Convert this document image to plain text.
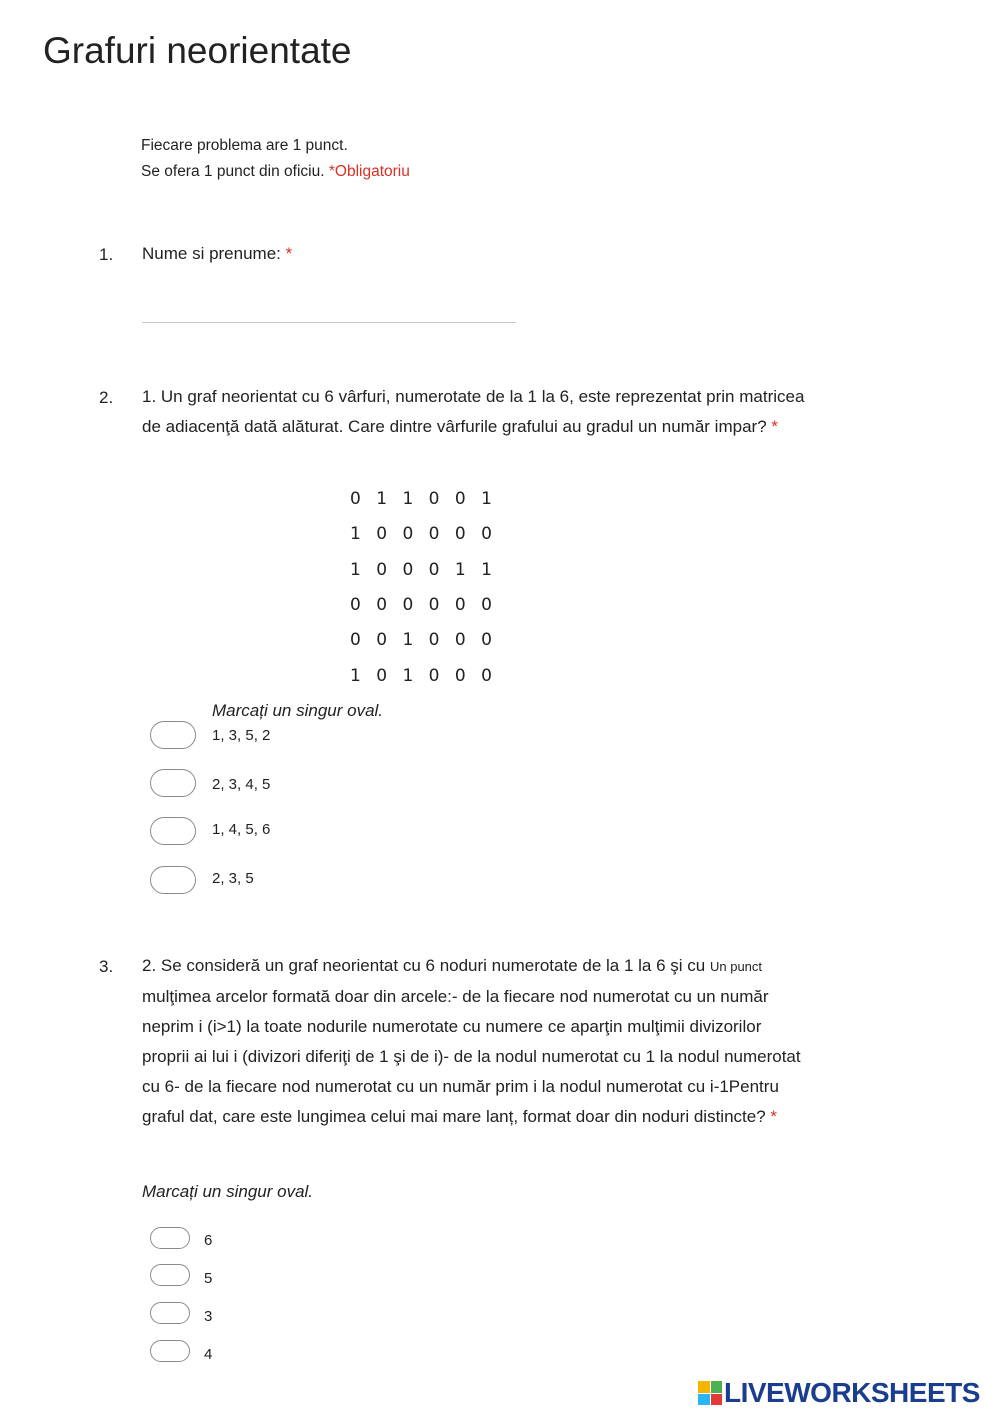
Grafuri neorientate
Fiecare problema are 1 punct.
Se ofera 1 punct din oficiu. *Obligatoriu
1. Nume si prenume: *
2. 1. Un graf neorientat cu 6 vârfuri, numerotate de la 1 la 6, este reprezentat prin matricea
de adiacenţă dată alăturat. Care dintre vârfurile grafului au gradul un număr impar? *
0 1 1 0 0 1
1 0 0 0 0 0
1 0 0 0 1 1
0 0 0 0 0 0
0 0 1 0 0 0
1 0 1 0 0 0
Marcați un singur oval.
1, 3, 5, 2
2, 3, 4, 5
1, 4, 5, 6
2, 3, 5
3. 2. Se consideră un graf neorientat cu 6 noduri numerotate de la 1 la 6 şi cu Un punct
mulţimea arcelor formată doar din arcele:- de la fiecare nod numerotat cu un număr
neprim i (i>1) la toate nodurile numerotate cu numere ce aparţin mulţimii divizorilor
proprii ai lui i (divizori diferiţi de 1 şi de i)- de la nodul numerotat cu 1 la nodul numerotat
cu 6- de la fiecare nod numerotat cu un număr prim i la nodul numerotat cu i-1Pentru
graful dat, care este lungimea celui mai mare lanț, format doar din noduri distincte? *
Marcați un singur oval.
6
5
3
4
LIVEWORKSHEETS
